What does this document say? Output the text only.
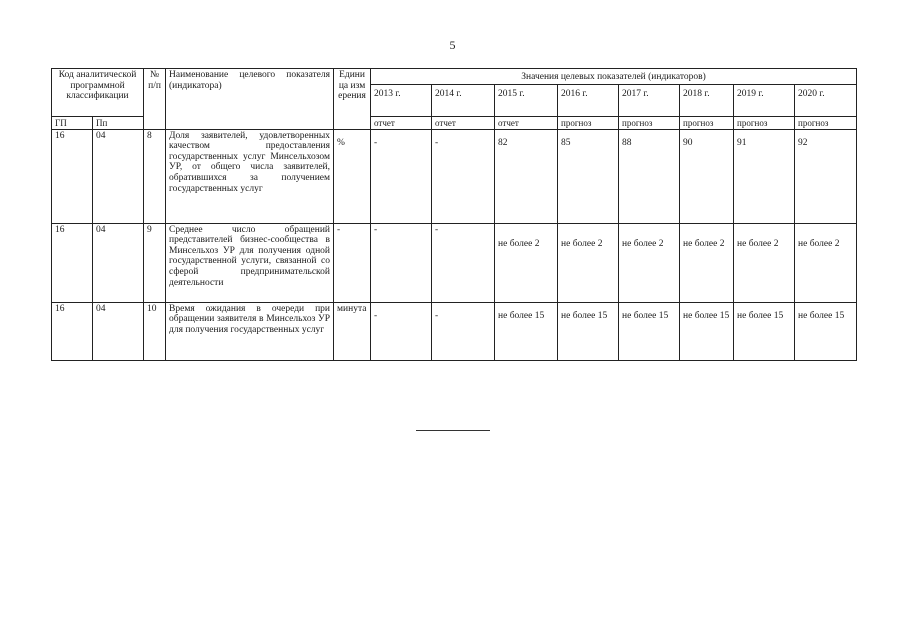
5
Код аналитической программной классификации		№ п/п	Наименование целевого показателя (индикатора)	Единица измерения	Значения целевых показателей (индикаторов)							
					2013 г.	2014 г.	2015 г.	2016 г.	2017 г.	2018 г.	2019 г.	2020 г.
ГП	Пп				отчет	отчет	отчет	прогноз	прогноз	прогноз	прогноз	прогноз
16	04	8	Доля заявителей, удовлетворенных качеством предоставления государственных услуг Минсельхозом УР, от общего числа заявителей, обратившихся за получением государственных услуг	%	-	-	82	85	88	90	91	92
16	04	9	Среднее число обращений представителей бизнес-сообщества в Минсельхоз УР для получения одной государственной услуги, связанной со сферой предпринимательской деятельности	-	-	-	не более 2	не более 2	не более 2	не более 2	не более 2	не более 2
16	04	10	Время ожидания в очереди при обращении заявителя в Минсельхоз УР для получения государственных услуг	минута	-	-	не более 15	не более 15	не более 15	не более 15	не более 15	не более 15
